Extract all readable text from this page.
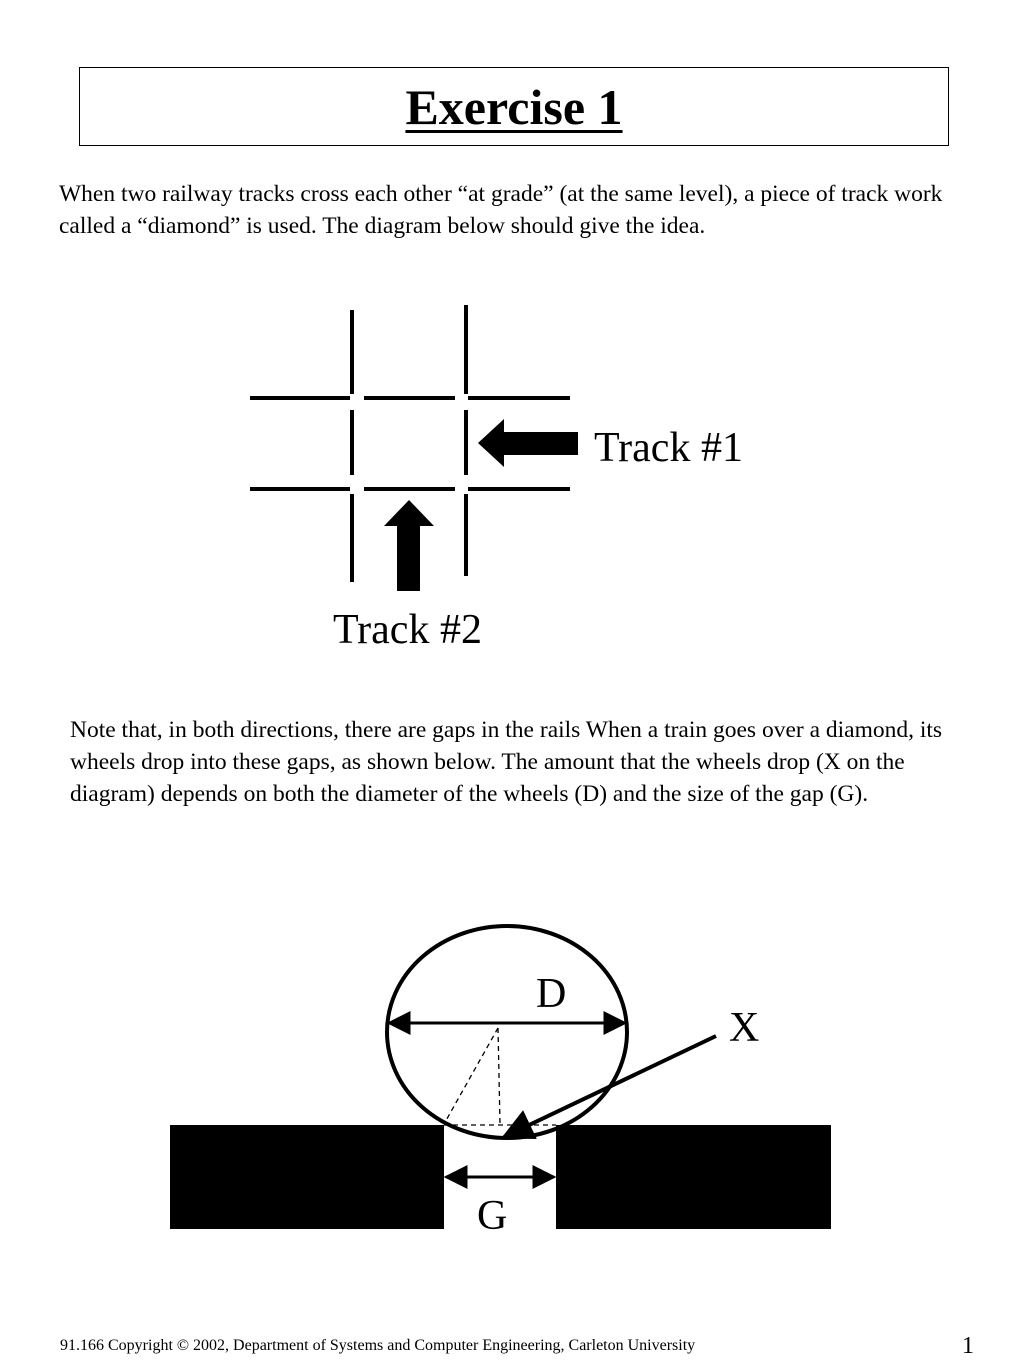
Exercise 1

When two railway tracks cross each other “at grade” (at the same level), a piece of track work called a “diamond” is used. The diagram below should give the idea.

Track #1
Track #2
D
X
G

Note that, in both directions, there are gaps in the rails When a train goes over a diamond, its wheels drop into these gaps, as shown below. The amount that the wheels drop (X on the diagram) depends on both the diameter of the wheels (D) and the size of the gap (G).

91.166 Copyright © 2002, Department of Systems and Computer Engineering, Carleton University	1
